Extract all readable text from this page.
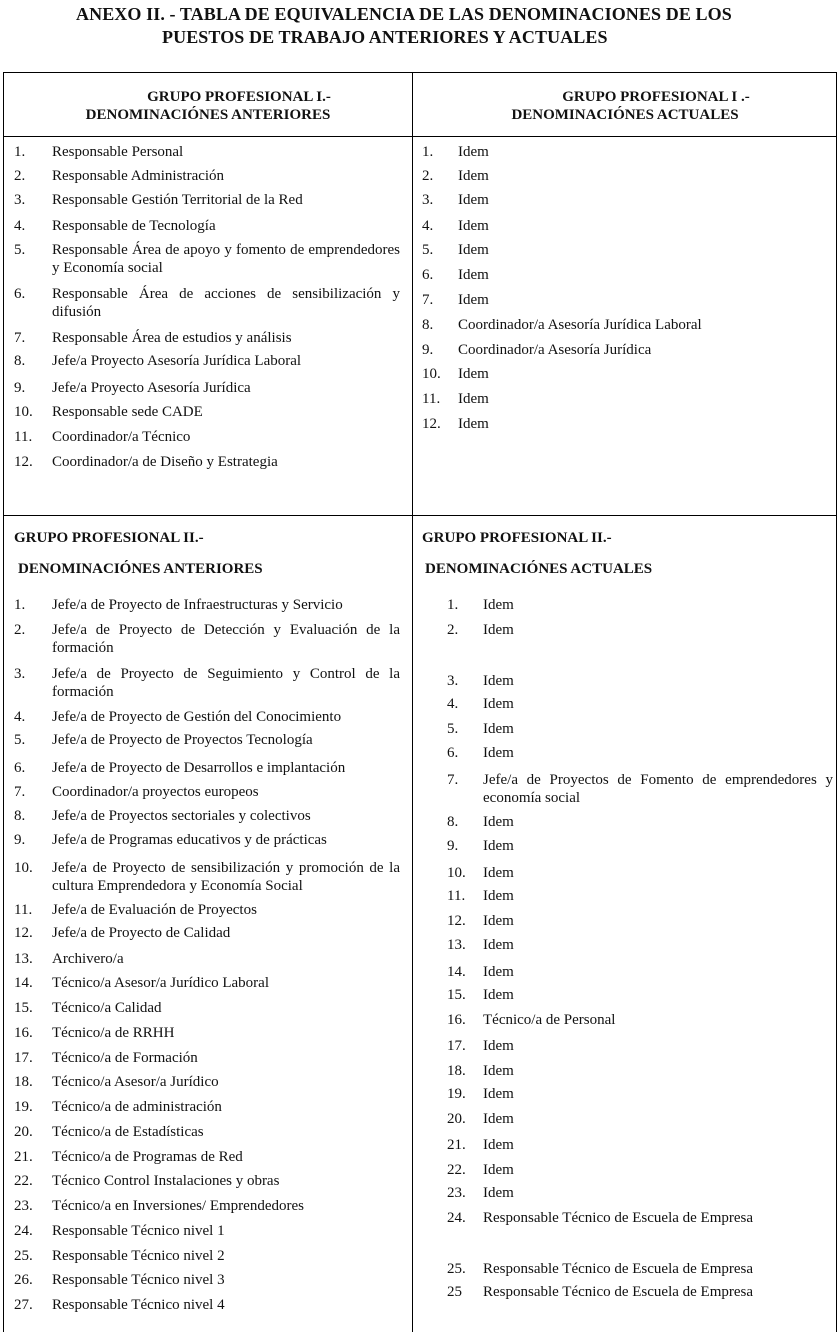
ANEXO II. - TABLA DE EQUIVALENCIA DE LAS DENOMINACIONES DE LOS
PUESTOS DE TRABAJO ANTERIORES Y ACTUALES
GRUPO PROFESIONAL I.-
DENOMINACIÓNES ANTERIORES
GRUPO PROFESIONAL I .-
DENOMINACIÓNES ACTUALES
GRUPO PROFESIONAL II.-
DENOMINACIÓNES ANTERIORES
GRUPO PROFESIONAL II.-
DENOMINACIÓNES ACTUALES
1. Responsable Personal
2. Responsable Administración
3. Responsable Gestión Territorial de la Red
4. Responsable de Tecnología
5. Responsable Área de apoyo y fomento de emprendedores y Economía social
6. Responsable Área de acciones de sensibilización y difusión
7. Responsable Área de estudios y análisis
8. Jefe/a Proyecto Asesoría Jurídica Laboral
9. Jefe/a Proyecto Asesoría Jurídica
10. Responsable sede CADE
11. Coordinador/a Técnico
12. Coordinador/a de Diseño y Estrategia
1. Idem
2. Idem
3. Idem
4. Idem
5. Idem
6. Idem
7. Idem
8. Coordinador/a Asesoría Jurídica Laboral
9. Coordinador/a Asesoría Jurídica
10. Idem
11. Idem
12. Idem
1. Jefe/a de Proyecto de Infraestructuras y Servicio
2. Jefe/a de Proyecto de Detección y Evaluación de la formación
3. Jefe/a de Proyecto de Seguimiento y Control de la formación
4. Jefe/a de Proyecto de Gestión del Conocimiento
5. Jefe/a de Proyecto de Proyectos Tecnología
6. Jefe/a de Proyecto de Desarrollos e implantación
7. Coordinador/a proyectos europeos
8. Jefe/a de Proyectos sectoriales y colectivos
9. Jefe/a de Programas educativos y de prácticas
10. Jefe/a de Proyecto de sensibilización y promoción de la cultura Emprendedora y Economía Social
11. Jefe/a de Evaluación de Proyectos
12. Jefe/a de Proyecto de Calidad
13. Archivero/a
14. Técnico/a Asesor/a Jurídico Laboral
15. Técnico/a Calidad
16. Técnico/a de RRHH
17. Técnico/a de Formación
18. Técnico/a Asesor/a Jurídico
19. Técnico/a de administración
20. Técnico/a de Estadísticas
21. Técnico/a de Programas de Red
22. Técnico Control Instalaciones y obras
23. Técnico/a en Inversiones/ Emprendedores
24. Responsable Técnico nivel 1
25. Responsable Técnico nivel 2
26. Responsable Técnico nivel 3
27. Responsable Técnico nivel 4
1. Idem
2. Idem
3. Idem
4. Idem
5. Idem
6. Idem
7. Jefe/a de Proyectos de Fomento de emprendedores y economía social
8. Idem
9. Idem
10. Idem
11. Idem
12. Idem
13. Idem
14. Idem
15. Idem
16. Técnico/a de Personal
17. Idem
18. Idem
19. Idem
20. Idem
21. Idem
22. Idem
23. Idem
24. Responsable Técnico de Escuela de Empresa
25. Responsable Técnico de Escuela de Empresa
25 Responsable Técnico de Escuela de Empresa
